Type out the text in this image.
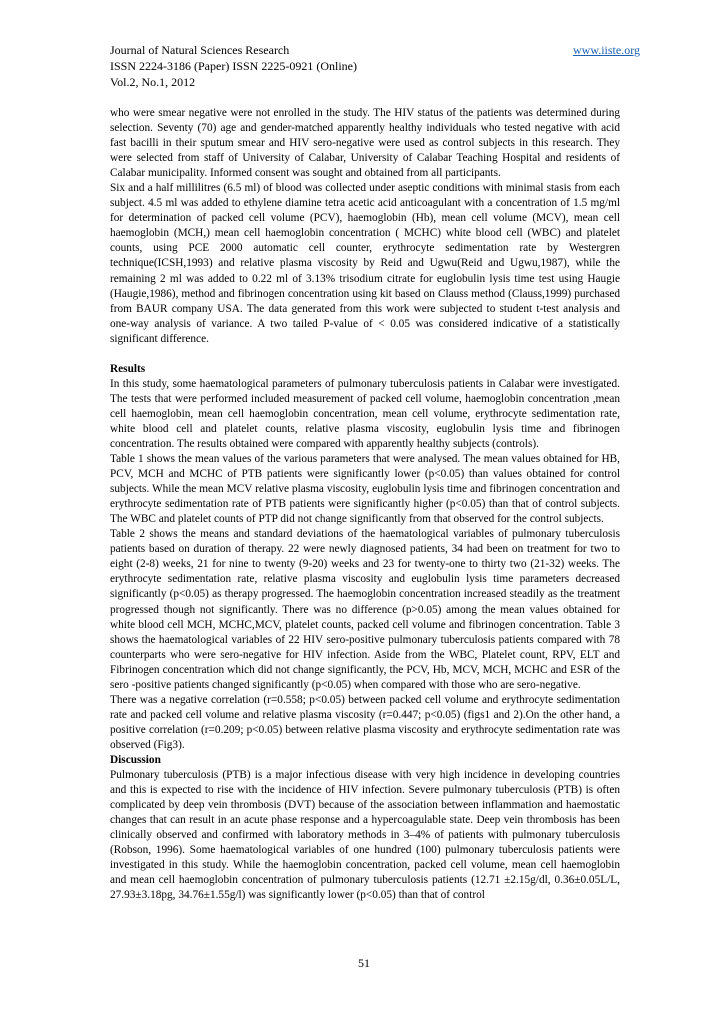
Journal of Natural Sciences Research	www.iiste.org
ISSN 2224-3186 (Paper) ISSN 2225-0921 (Online)
Vol.2, No.1, 2012

who were smear negative were not enrolled in the study. The HIV status of the patients was determined during selection. Seventy (70) age and gender-matched apparently healthy individuals who tested negative with acid fast bacilli in their sputum smear and HIV sero-negative were used as control subjects in this research. They were selected from staff of University of Calabar, University of Calabar Teaching Hospital and residents of Calabar municipality. Informed consent was sought and obtained from all participants.

Six and a half millilitres (6.5 ml) of blood was collected under aseptic conditions with minimal stasis from each subject. 4.5 ml was added to ethylene diamine tetra acetic acid anticoagulant with a concentration of 1.5 mg/ml for determination of packed cell volume (PCV), haemoglobin (Hb), mean cell volume (MCV), mean cell haemoglobin (MCH,) mean cell haemoglobin concentration ( MCHC) white blood cell (WBC) and platelet counts, using PCE 2000 automatic cell counter, erythrocyte sedimentation rate by Westergren technique(ICSH,1993) and relative plasma viscosity by Reid and Ugwu(Reid and Ugwu,1987), while the remaining 2 ml was added to 0.22 ml of 3.13% trisodium citrate for euglobulin lysis time test using Haugie (Haugie,1986), method and fibrinogen concentration using kit based on Clauss method (Clauss,1999) purchased from BAUR company USA. The data generated from this work were subjected to student t-test analysis and one-way analysis of variance. A two tailed P-value of < 0.05 was considered indicative of a statistically significant difference.

Results

In this study, some haematological parameters of pulmonary tuberculosis patients in Calabar were investigated. The tests that were performed included measurement of packed cell volume, haemoglobin concentration ,mean cell haemoglobin, mean cell haemoglobin concentration, mean cell volume, erythrocyte sedimentation rate, white blood cell and platelet counts, relative plasma viscosity, euglobulin lysis time and fibrinogen concentration. The results obtained were compared with apparently healthy subjects (controls).

Table 1 shows the mean values of the various parameters that were analysed. The mean values obtained for HB, PCV, MCH and MCHC of PTB patients were significantly lower (p<0.05) than values obtained for control subjects. While the mean MCV relative plasma viscosity, euglobulin lysis time and fibrinogen concentration and erythrocyte sedimentation rate of PTB patients were significantly higher (p<0.05) than that of control subjects. The WBC and platelet counts of PTP did not change significantly from that observed for the control subjects.

Table 2 shows the means and standard deviations of the haematological variables of pulmonary tuberculosis patients based on duration of therapy. 22 were newly diagnosed patients, 34 had been on treatment for two to eight (2-8) weeks, 21 for nine to twenty (9-20) weeks and 23 for twenty-one to thirty two (21-32) weeks. The erythrocyte sedimentation rate, relative plasma viscosity and euglobulin lysis time parameters decreased significantly (p<0.05) as therapy progressed. The haemoglobin concentration increased steadily as the treatment progressed though not significantly. There was no difference (p>0.05) among the mean values obtained for white blood cell MCH, MCHC,MCV, platelet counts, packed cell volume and fibrinogen concentration. Table 3 shows the haematological variables of 22 HIV sero-positive pulmonary tuberculosis patients compared with 78 counterparts who were sero-negative for HIV infection. Aside from the WBC, Platelet count, RPV, ELT and Fibrinogen concentration which did not change significantly, the PCV, Hb, MCV, MCH, MCHC and ESR of the sero -positive patients changed significantly (p<0.05) when compared with those who are sero-negative.

There was a negative correlation (r=0.558; p<0.05) between packed cell volume and erythrocyte sedimentation rate and packed cell volume and relative plasma viscosity (r=0.447; p<0.05) (figs1 and 2).On the other hand, a positive correlation (r=0.209; p<0.05) between relative plasma viscosity and erythrocyte sedimentation rate was observed (Fig3).

Discussion

Pulmonary tuberculosis (PTB) is a major infectious disease with very high incidence in developing countries and this is expected to rise with the incidence of HIV infection. Severe pulmonary tuberculosis (PTB) is often complicated by deep vein thrombosis (DVT) because of the association between inflammation and haemostatic changes that can result in an acute phase response and a hypercoagulable state. Deep vein thrombosis has been clinically observed and confirmed with laboratory methods in 3–4% of patients with pulmonary tuberculosis (Robson, 1996). Some haematological variables of one hundred (100) pulmonary tuberculosis patients were investigated in this study. While the haemoglobin concentration, packed cell volume, mean cell haemoglobin and mean cell haemoglobin concentration of pulmonary tuberculosis patients (12.71 ±2.15g/dl, 0.36±0.05L/L, 27.93±3.18pg, 34.76±1.55g/l) was significantly lower (p<0.05) than that of control

51
